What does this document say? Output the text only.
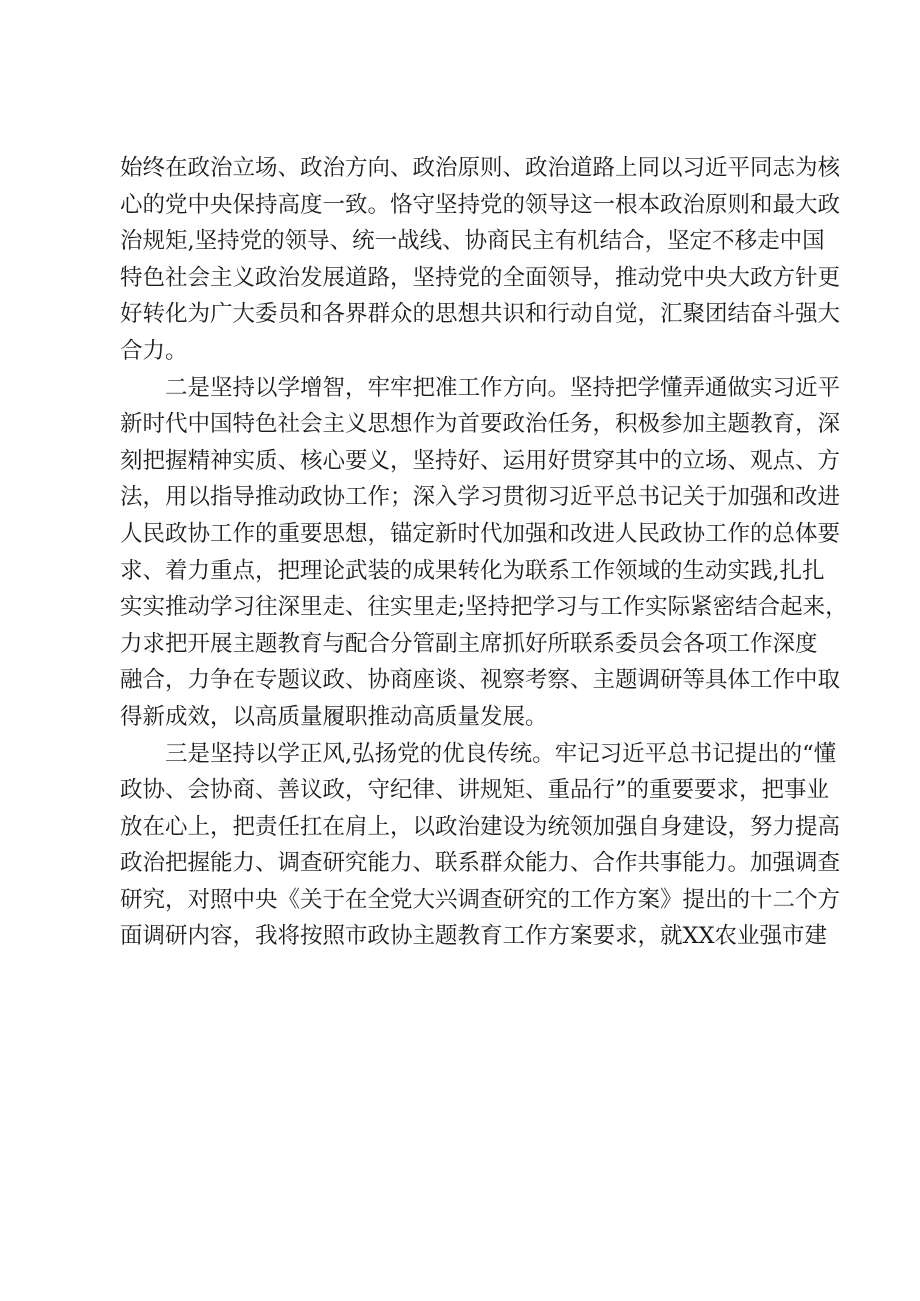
始终在政治立场、政治方向、政治原则、政治道路上同以习近平同志为核
心的党中央保持高度一致。恪守坚持党的领导这一根本政治原则和最大政
治规矩,坚持党的领导、统一战线、协商民主有机结合，坚定不移走中国
特色社会主义政治发展道路，坚持党的全面领导，推动党中央大政方针更
好转化为广大委员和各界群众的思想共识和行动自觉，汇聚团结奋斗强大
合力。
　　二是坚持以学增智，牢牢把准工作方向。坚持把学懂弄通做实习近平
新时代中国特色社会主义思想作为首要政治任务，积极参加主题教育，深
刻把握精神实质、核心要义，坚持好、运用好贯穿其中的立场、观点、方
法，用以指导推动政协工作；深入学习贯彻习近平总书记关于加强和改进
人民政协工作的重要思想，锚定新时代加强和改进人民政协工作的总体要
求、着力重点，把理论武装的成果转化为联系工作领域的生动实践,扎扎
实实推动学习往深里走、往实里走;坚持把学习与工作实际紧密结合起来，
力求把开展主题教育与配合分管副主席抓好所联系委员会各项工作深度
融合，力争在专题议政、协商座谈、视察考察、主题调研等具体工作中取
得新成效，以高质量履职推动高质量发展。
　　三是坚持以学正风,弘扬党的优良传统。牢记习近平总书记提出的“懂
政协、会协商、善议政，守纪律、讲规矩、重品行”的重要要求，把事业
放在心上，把责任扛在肩上，以政治建设为统领加强自身建设，努力提高
政治把握能力、调查研究能力、联系群众能力、合作共事能力。加强调查
研究，对照中央《关于在全党大兴调查研究的工作方案》提出的十二个方
面调研内容，我将按照市政协主题教育工作方案要求，就XX农业强市建
